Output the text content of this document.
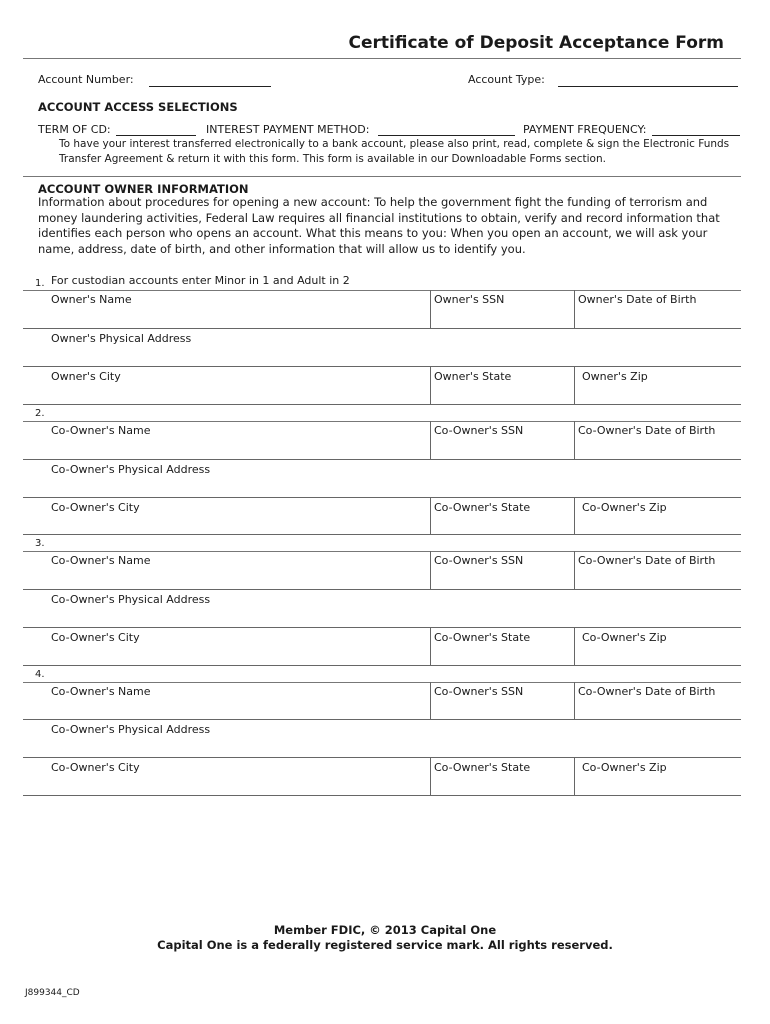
Certificate of Deposit Acceptance Form
Account Number:	Account Type:
ACCOUNT ACCESS SELECTIONS
TERM OF CD:	INTEREST PAYMENT METHOD:	PAYMENT FREQUENCY:
To have your interest transferred electronically to a bank account, please also print, read, complete & sign the Electronic Funds
Transfer Agreement & return it with this form. This form is available in our Downloadable Forms section.
ACCOUNT OWNER INFORMATION
Information about procedures for opening a new account: To help the government fight the funding of terrorism and
money laundering activities, Federal Law requires all financial institutions to obtain, verify and record information that
identifies each person who opens an account. What this means to you: When you open an account, we will ask your
name, address, date of birth, and other information that will allow us to identify you.
For custodian accounts enter Minor in 1 and Adult in 2
1.
Owner's Name	Owner's SSN	Owner's Date of Birth
Owner's Physical Address
Owner's City	Owner's State	Owner's Zip
2.
Co-Owner's Name	Co-Owner's SSN	Co-Owner's Date of Birth
Co-Owner's Physical Address
Co-Owner's City	Co-Owner's State	Co-Owner's Zip
3.
Co-Owner's Name	Co-Owner's SSN	Co-Owner's Date of Birth
Co-Owner's Physical Address
Co-Owner's City	Co-Owner's State	Co-Owner's Zip
4.
Co-Owner's Name	Co-Owner's SSN	Co-Owner's Date of Birth
Co-Owner's Physical Address
Co-Owner's City	Co-Owner's State	Co-Owner's Zip
Member FDIC, © 2013 Capital One
Capital One is a federally registered service mark. All rights reserved.
J899344_CD
